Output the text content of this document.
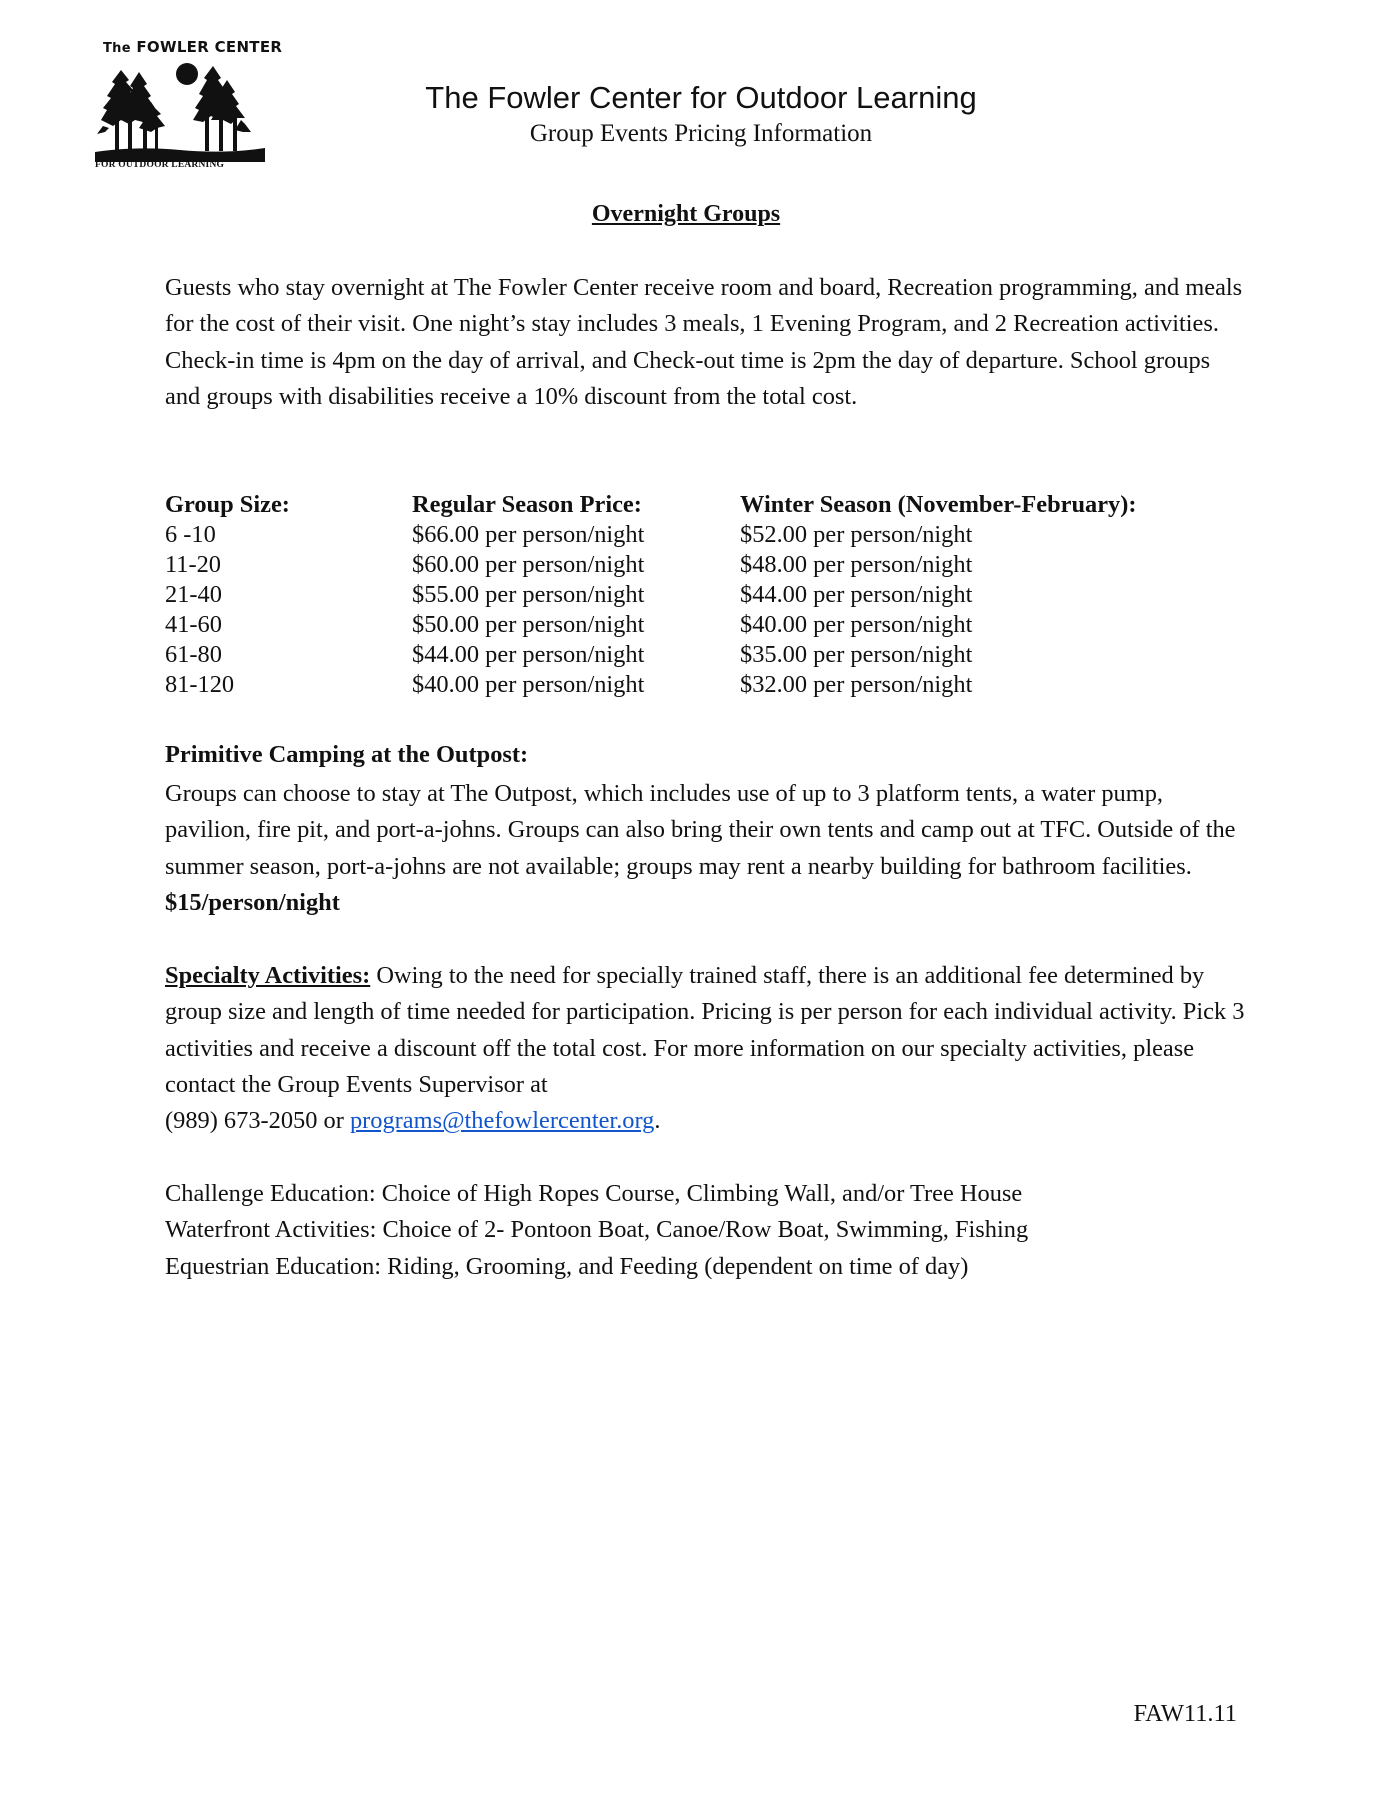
The FOWLER CENTER
FOR OUTDOOR LEARNING
The Fowler Center for Outdoor Learning
Group Events Pricing Information
Overnight Groups
Guests who stay overnight at The Fowler Center receive room and board, Recreation programming, and meals for the cost of their visit. One night’s stay includes 3 meals, 1 Evening Program, and 2 Recreation activities. Check-in time is 4pm on the day of arrival, and Check-out time is 2pm the day of departure. School groups and groups with disabilities receive a 10% discount from the total cost.
Group Size:	Regular Season Price:	Winter Season (November-February):
6 -10	$66.00 per person/night	$52.00 per person/night
11-20	$60.00 per person/night	$48.00 per person/night
21-40	$55.00 per person/night	$44.00 per person/night
41-60	$50.00 per person/night	$40.00 per person/night
61-80	$44.00 per person/night	$35.00 per person/night
81-120	$40.00 per person/night	$32.00 per person/night
Primitive Camping at the Outpost:
Groups can choose to stay at The Outpost, which includes use of up to 3 platform tents, a water pump, pavilion, fire pit, and port-a-johns. Groups can also bring their own tents and camp out at TFC. Outside of the summer season, port-a-johns are not available; groups may rent a nearby building for bathroom facilities. $15/person/night
Specialty Activities: Owing to the need for specially trained staff, there is an additional fee determined by group size and length of time needed for participation. Pricing is per person for each individual activity. Pick 3 activities and receive a discount off the total cost. For more information on our specialty activities, please contact the Group Events Supervisor at
(989) 673-2050 or programs@thefowlercenter.org.
Challenge Education: Choice of High Ropes Course, Climbing Wall, and/or Tree House
Waterfront Activities: Choice of 2- Pontoon Boat, Canoe/Row Boat, Swimming, Fishing
Equestrian Education: Riding, Grooming, and Feeding (dependent on time of day)
FAW11.11
